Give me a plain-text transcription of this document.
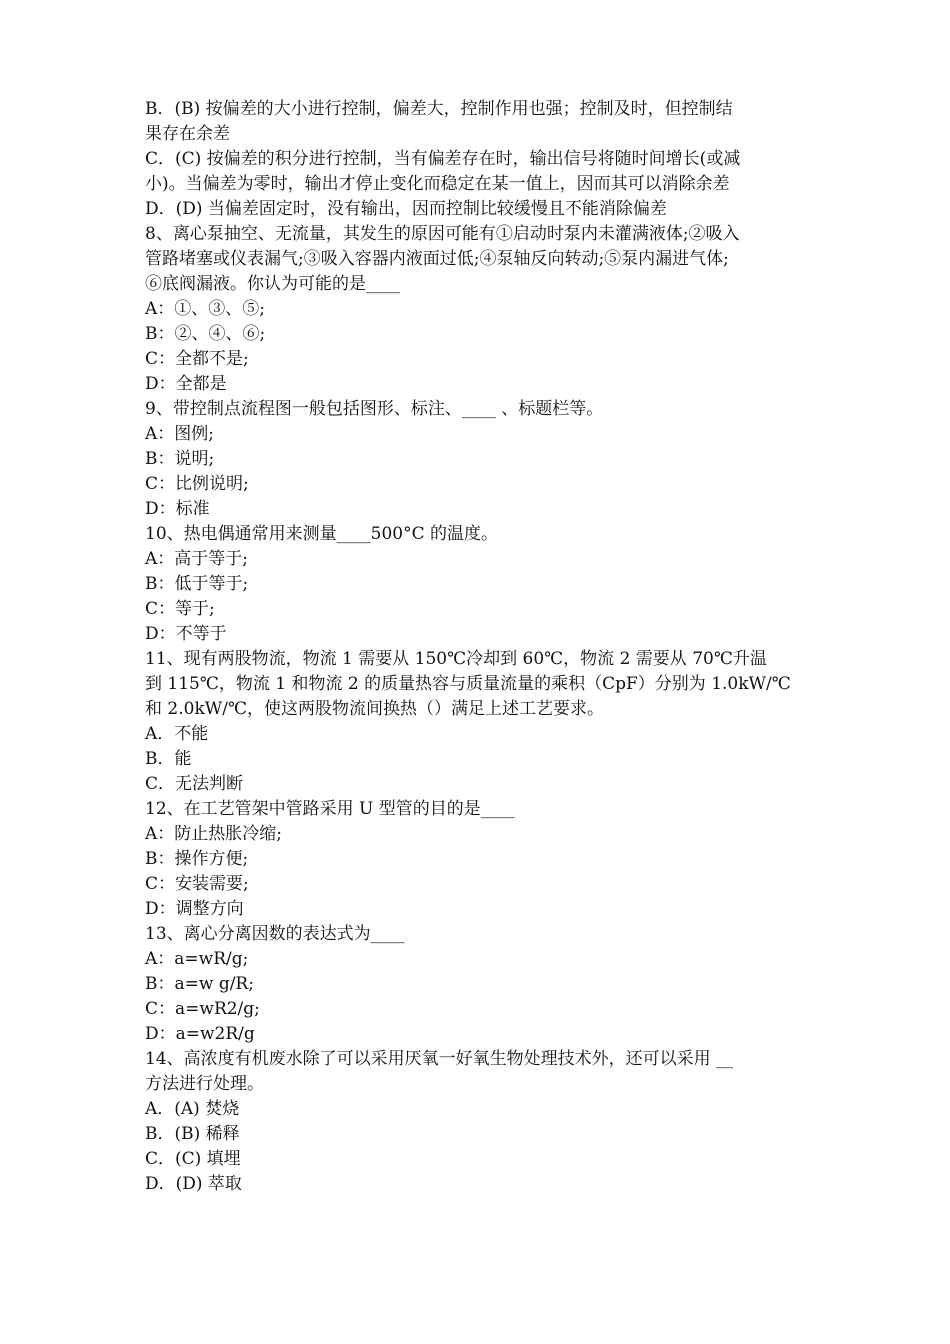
B．(B) 按偏差的大小进行控制，偏差大，控制作用也强；控制及时，但控制结
果存在余差
C．(C) 按偏差的积分进行控制，当有偏差存在时，输出信号将随时间增长(或减
小)。当偏差为零时，输出才停止变化而稳定在某一值上，因而其可以消除余差
D．(D) 当偏差固定时，没有输出，因而控制比较缓慢且不能消除偏差
8、离心泵抽空、无流量，其发生的原因可能有①启动时泵内未灌满液体;②吸入
管路堵塞或仪表漏气;③吸入容器内液面过低;④泵轴反向转动;⑤泵内漏进气体;
⑥底阀漏液。你认为可能的是____
A：①、③、⑤;
B：②、④、⑥;
C：全都不是;
D：全都是
9、带控制点流程图一般包括图形、标注、____ 、标题栏等。
A：图例;
B：说明;
C：比例说明;
D：标准
10、热电偶通常用来测量____500°C 的温度。
A：高于等于;
B：低于等于;
C：等于;
D：不等于
11、现有两股物流，物流 1 需要从 150℃冷却到 60℃，物流 2 需要从 70℃升温
到 115℃，物流 1 和物流 2 的质量热容与质量流量的乘积（CpF）分别为 1.0kW/℃
和 2.0kW/℃，使这两股物流间换热（）满足上述工艺要求。
A．不能
B．能
C．无法判断
12、在工艺管架中管路采用 U 型管的目的是____
A：防止热胀冷缩;
B：操作方便;
C：安装需要;
D：调整方向
13、离心分离因数的表达式为____
A：a=wR/g;
B：a=w g/R;
C：a=wR2/g;
D：a=w2R/g
14、高浓度有机废水除了可以采用厌氧一好氧生物处理技术外，还可以采用 __
方法进行处理。
A．(A) 焚烧
B．(B) 稀释
C．(C) 填埋
D．(D) 萃取
